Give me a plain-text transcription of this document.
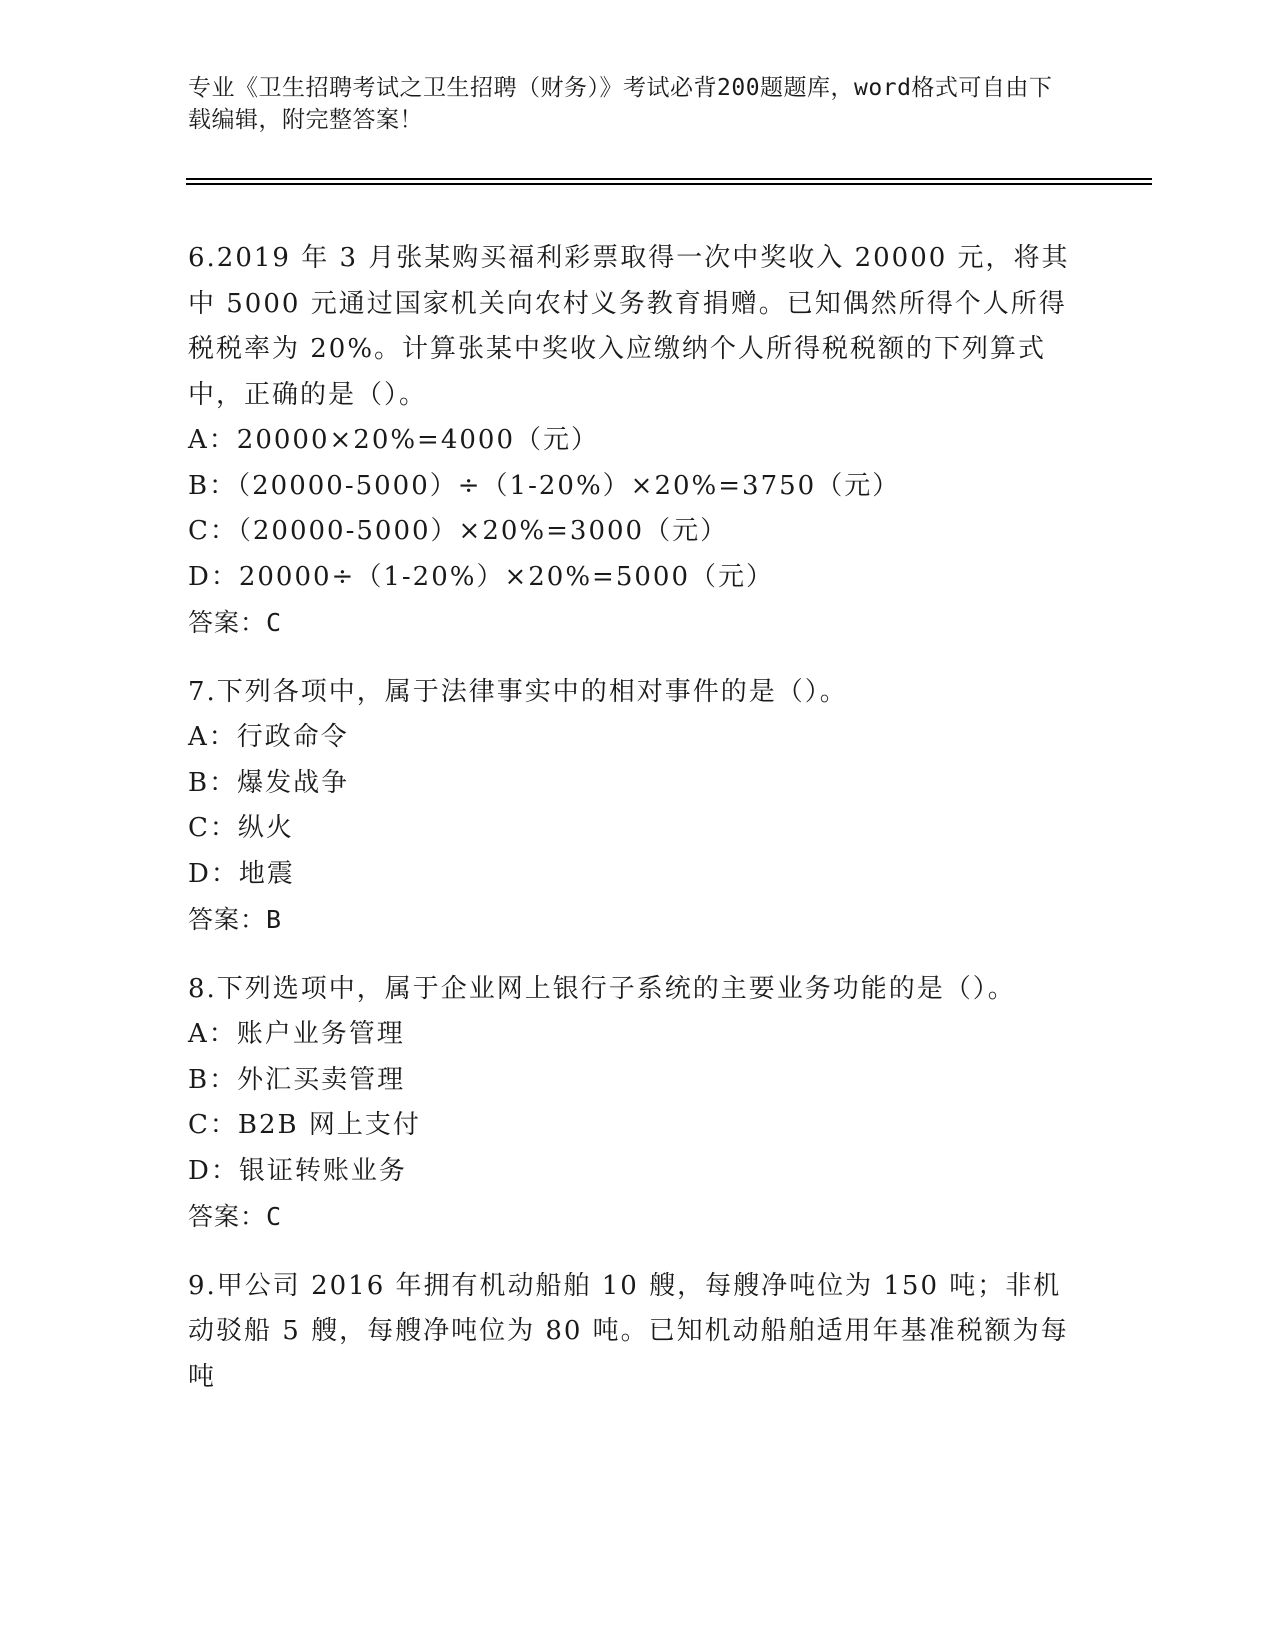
专业《卫生招聘考试之卫生招聘（财务）》考试必背200题题库，word格式可自由下载编辑，附完整答案！

6.2019 年 3 月张某购买福利彩票取得一次中奖收入 20000 元，将其中 5000 元通过国家机关向农村义务教育捐赠。已知偶然所得个人所得税税率为 20%。计算张某中奖收入应缴纳个人所得税税额的下列算式中，正确的是（）。

A：20000×20%=4000（元）
B：（20000-5000）÷（1-20%）×20%=3750（元）
C：（20000-5000）×20%=3000（元）
D：20000÷（1-20%）×20%=5000（元）
答案：C

7.下列各项中，属于法律事实中的相对事件的是（）。

A：行政命令
B：爆发战争
C：纵火
D：地震
答案：B

8.下列选项中，属于企业网上银行子系统的主要业务功能的是（）。

A：账户业务管理
B：外汇买卖管理
C：B2B 网上支付
D：银证转账业务
答案：C

9.甲公司 2016 年拥有机动船舶 10 艘，每艘净吨位为 150 吨；非机动驳船 5 艘，每艘净吨位为 80 吨。已知机动船舶适用年基准税额为每吨
